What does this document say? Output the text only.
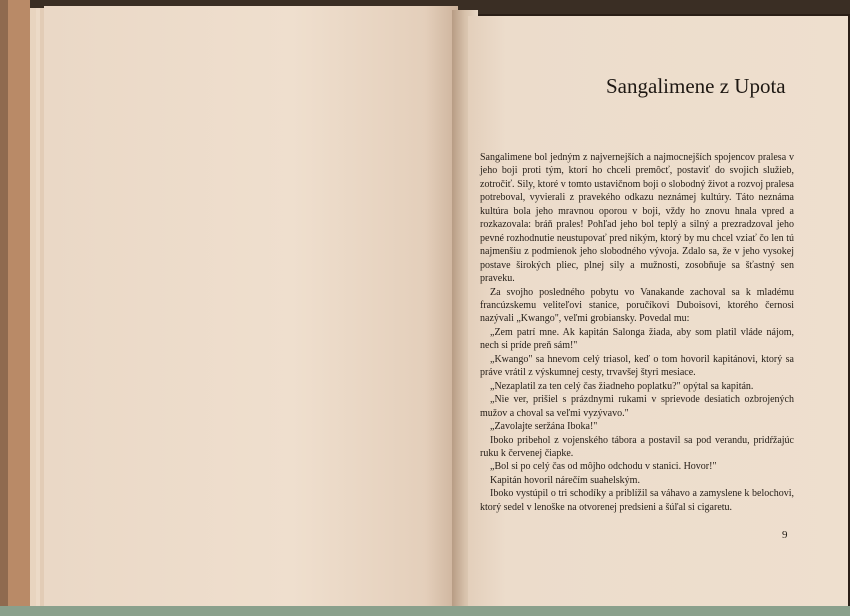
Sangalimene z Upota

Sangalimene bol jedným z najvernejších a najmocnejších spojencov pralesa v jeho boji proti tým, ktorí ho chceli premôcť, postaviť do svojich služieb, zotročiť. Sily, ktoré v tomto ustavičnom boji o slobodný život a rozvoj pralesa potreboval, vyvierali z pravekého odkazu neznámej kultúry. Táto neznáma kultúra bola jeho mravnou oporou v boji, vždy ho znovu hnala vpred a rozkazovala: bráň prales! Pohľad jeho bol teplý a silný a prezradzoval jeho pevné rozhodnutie neustupovať pred nikým, ktorý by mu chcel vziať čo len tú najmenšiu z podmienok jeho slobodného vývoja. Zdalo sa, že v jeho vysokej postave širokých pliec, plnej sily a mužnosti, zosobňuje sa šťastný sen praveku.

Za svojho posledného pobytu vo Vanakande zachoval sa k mladému francúzskemu veliteľovi stanice, poručíkovi Duboisovi, ktorého černosi nazývali „Kwango", veľmi grobiansky. Povedal mu:

„Zem patrí mne. Ak kapitán Salonga žiada, aby som platil vláde nájom, nech si príde preň sám!"

„Kwango" sa hnevom celý triasol, keď o tom hovoril kapitánovi, ktorý sa práve vrátil z výskumnej cesty, trvavšej štyri mesiace.

„Nezaplatil za ten celý čas žiadneho poplatku?" opýtal sa kapitán.

„Nie ver, prišiel s prázdnymi rukami v sprievode desiatich ozbrojených mužov a choval sa veľmi vyzývavo."

„Zavolajte seržána Iboka!"

Iboko pribehol z vojenského tábora a postavil sa pod verandu, pridŕžajúc ruku k červenej čiapke.

„Bol si po celý čas od môjho odchodu v stanici. Hovor!"

Kapitán hovoril nárečím suahelským.

Iboko vystúpil o tri schodíky a priblížil sa váhavo a zamyslene k belochovi, ktorý sedel v lenoške na otvorenej predsieni a šúľal si cigaretu.

9
